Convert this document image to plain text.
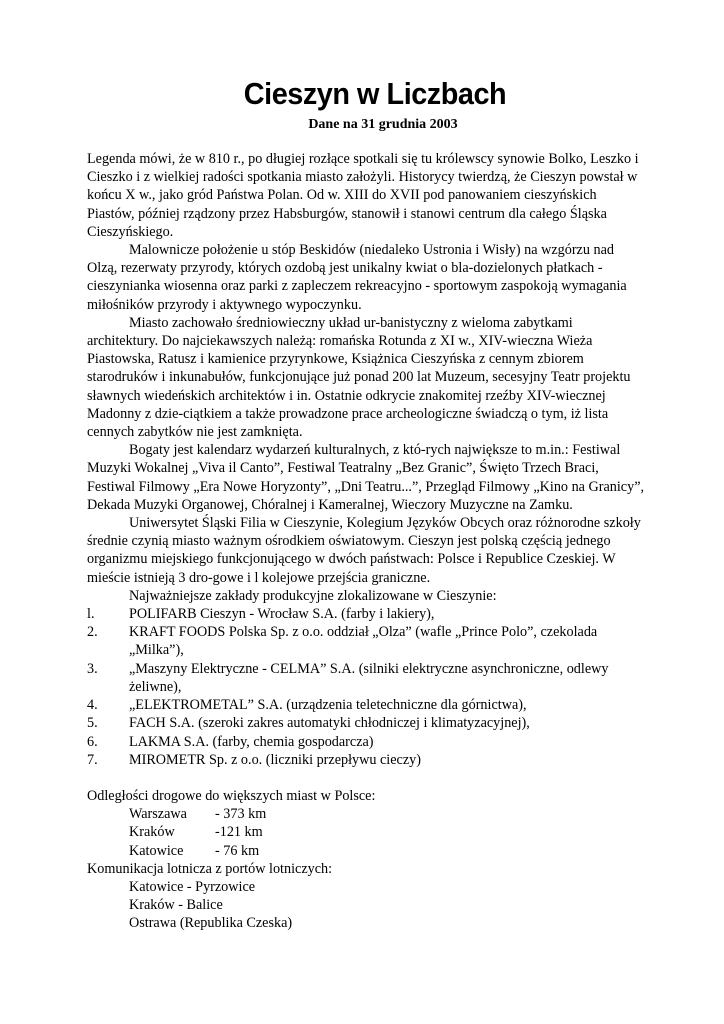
Cieszyn w Liczbach
Dane na 31 grudnia 2003

Legenda mówi, że w 810 r., po długiej rozłące spotkali się tu królewscy synowie Bolko, Leszko i Cieszko i z wielkiej radości spotkania miasto założyli. Historycy twierdzą, że Cieszyn powstał w końcu X w., jako gród Państwa Polan. Od w. XIII do XVII pod panowaniem cieszyńskich Piastów, później rządzony przez Habsburgów, stanowił i stanowi centrum dla całego Śląska Cieszyńskiego.

Malownicze położenie u stóp Beskidów (niedaleko Ustronia i Wisły) na wzgórzu nad Olzą, rezerwaty przyrody, których ozdobą jest unikalny kwiat o bla-dozielonych płatkach - cieszynianka wiosenna oraz parki z zapleczem rekreacyjno - sportowym zaspokoją wymagania miłośników przyrody i aktywnego wypoczynku.

Miasto zachowało średniowieczny układ ur-banistyczny z wieloma zabytkami architektury. Do najciekawszych należą: romańska Rotunda z XI w., XIV-wieczna Wieża Piastowska, Ratusz i kamienice przyrynkowe, Książnica Cieszyńska z cennym zbiorem starodruków i inkunabułów, funkcjonujące już ponad 200 lat Muzeum, secesyjny Teatr projektu sławnych wiedeńskich architektów i in. Ostatnie odkrycie znakomitej rzeźby XIV-wiecznej Madonny z dzie-ciątkiem a także prowadzone prace archeologiczne świadczą o tym, iż lista cennych zabytków nie jest zamknięta.

Bogaty jest kalendarz wydarzeń kulturalnych, z któ-rych największe to m.in.: Festiwal Muzyki Wokalnej „Viva il Canto”, Festiwal Teatralny „Bez Granic”, Święto Trzech Braci, Festiwal Filmowy „Era Nowe Horyzonty”, „Dni Teatru...”, Przegląd Filmowy „Kino na Granicy”, Dekada Muzyki Organowej, Chóralnej i Kameralnej, Wieczory Muzyczne na Zamku.

Uniwersytet Śląski Filia w Cieszynie, Kolegium Języków Obcych oraz różnorodne szkoły średnie czynią miasto ważnym ośrodkiem oświatowym. Cieszyn jest polską częścią jednego organizmu miejskiego funkcjonującego w dwóch państwach: Polsce i Republice Czeskiej. W mieście istnieją 3 dro-gowe i l kolejowe przejścia graniczne.

Najważniejsze zakłady produkcyjne zlokalizowane w Cieszynie:

l.	POLIFARB Cieszyn - Wrocław S.A. (farby i lakiery),
2.	KRAFT FOODS Polska Sp. z o.o. oddział „Olza” (wafle „Prince Polo”, czekolada „Milka”),
3.	„Maszyny Elektryczne - CELMA” S.A. (silniki elektryczne asynchroniczne, odlewy żeliwne),
4.	„ELEKTROMETAL” S.A. (urządzenia teletechniczne dla górnictwa),
5.	FACH S.A. (szeroki zakres automatyki chłodniczej i klimatyzacyjnej),
6.	LAKMA S.A. (farby, chemia gospodarcza)
7.	MIROMETR Sp. z o.o. (liczniki przepływu cieczy)

Odległości drogowe do większych miast w Polsce:

Warszawa	- 373 km
Kraków	-121 km
Katowice	- 76 km

Komunikacja lotnicza z portów lotniczych:

Katowice - Pyrzowice
Kraków - Balice
Ostrawa (Republika Czeska)
